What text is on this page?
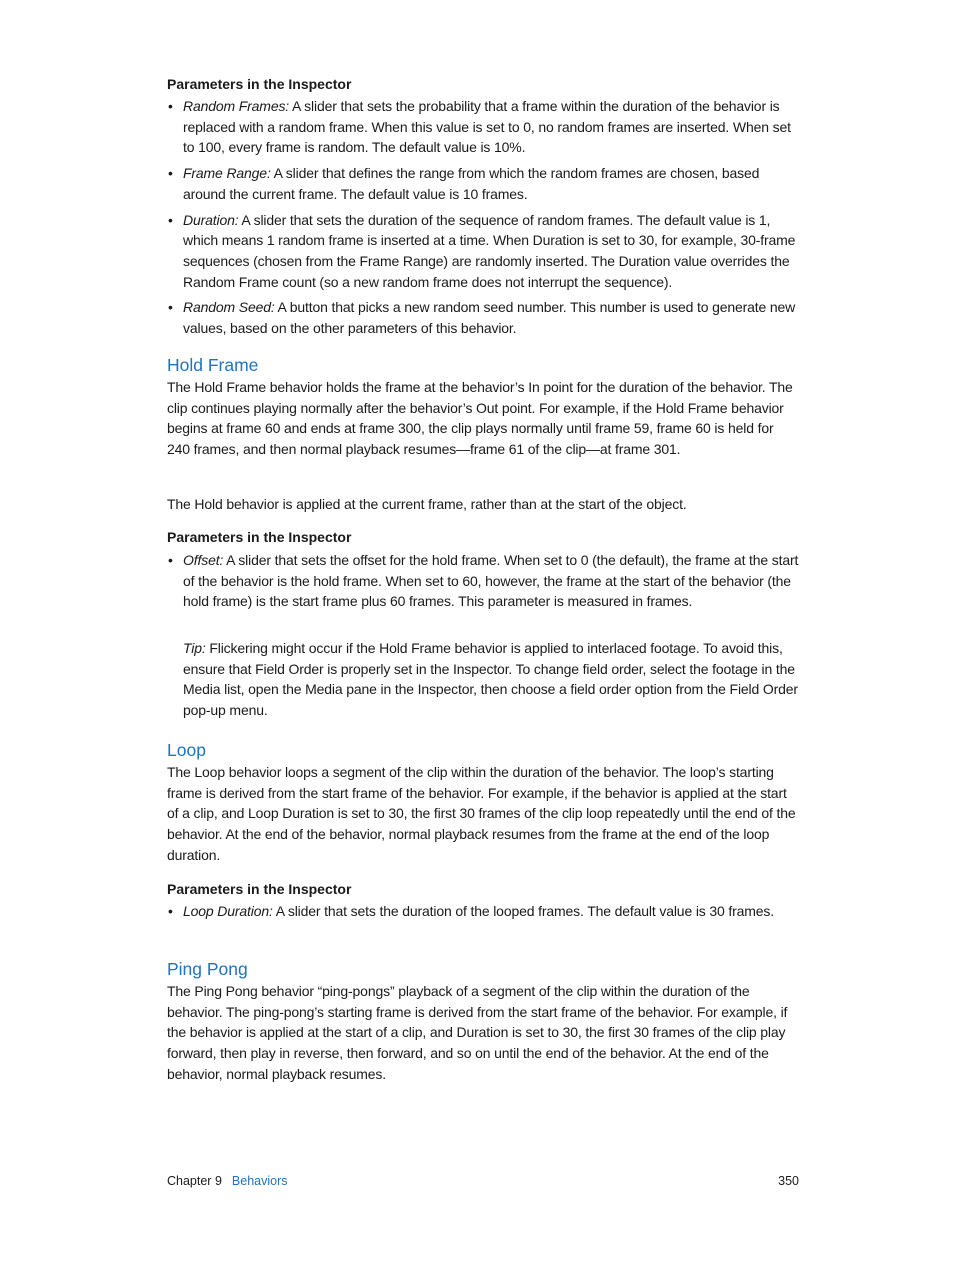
Parameters in the Inspector
• Random Frames: A slider that sets the probability that a frame within the duration of the behavior is replaced with a random frame. When this value is set to 0, no random frames are inserted. When set to 100, every frame is random. The default value is 10%.
• Frame Range: A slider that defines the range from which the random frames are chosen, based around the current frame. The default value is 10 frames.
• Duration: A slider that sets the duration of the sequence of random frames. The default value is 1, which means 1 random frame is inserted at a time. When Duration is set to 30, for example, 30-frame sequences (chosen from the Frame Range) are randomly inserted. The Duration value overrides the Random Frame count (so a new random frame does not interrupt the sequence).
• Random Seed: A button that picks a new random seed number. This number is used to generate new values, based on the other parameters of this behavior.
Hold Frame
The Hold Frame behavior holds the frame at the behavior’s In point for the duration of the behavior. The clip continues playing normally after the behavior’s Out point. For example, if the Hold Frame behavior begins at frame 60 and ends at frame 300, the clip plays normally until frame 59, frame 60 is held for 240 frames, and then normal playback resumes—frame 61 of the clip—at frame 301.
The Hold behavior is applied at the current frame, rather than at the start of the object.
Parameters in the Inspector
• Offset: A slider that sets the offset for the hold frame. When set to 0 (the default), the frame at the start of the behavior is the hold frame. When set to 60, however, the frame at the start of the behavior (the hold frame) is the start frame plus 60 frames. This parameter is measured in frames.
Tip: Flickering might occur if the Hold Frame behavior is applied to interlaced footage. To avoid this, ensure that Field Order is properly set in the Inspector. To change field order, select the footage in the Media list, open the Media pane in the Inspector, then choose a field order option from the Field Order pop-up menu.
Loop
The Loop behavior loops a segment of the clip within the duration of the behavior. The loop’s starting frame is derived from the start frame of the behavior. For example, if the behavior is applied at the start of a clip, and Loop Duration is set to 30, the first 30 frames of the clip loop repeatedly until the end of the behavior. At the end of the behavior, normal playback resumes from the frame at the end of the loop duration.
Parameters in the Inspector
• Loop Duration: A slider that sets the duration of the looped frames. The default value is 30 frames.
Ping Pong
The Ping Pong behavior “ping-pongs” playback of a segment of the clip within the duration of the behavior. The ping-pong’s starting frame is derived from the start frame of the behavior. For example, if the behavior is applied at the start of a clip, and Duration is set to 30, the first 30 frames of the clip play forward, then play in reverse, then forward, and so on until the end of the behavior. At the end of the behavior, normal playback resumes.
Chapter 9 Behaviors	350
